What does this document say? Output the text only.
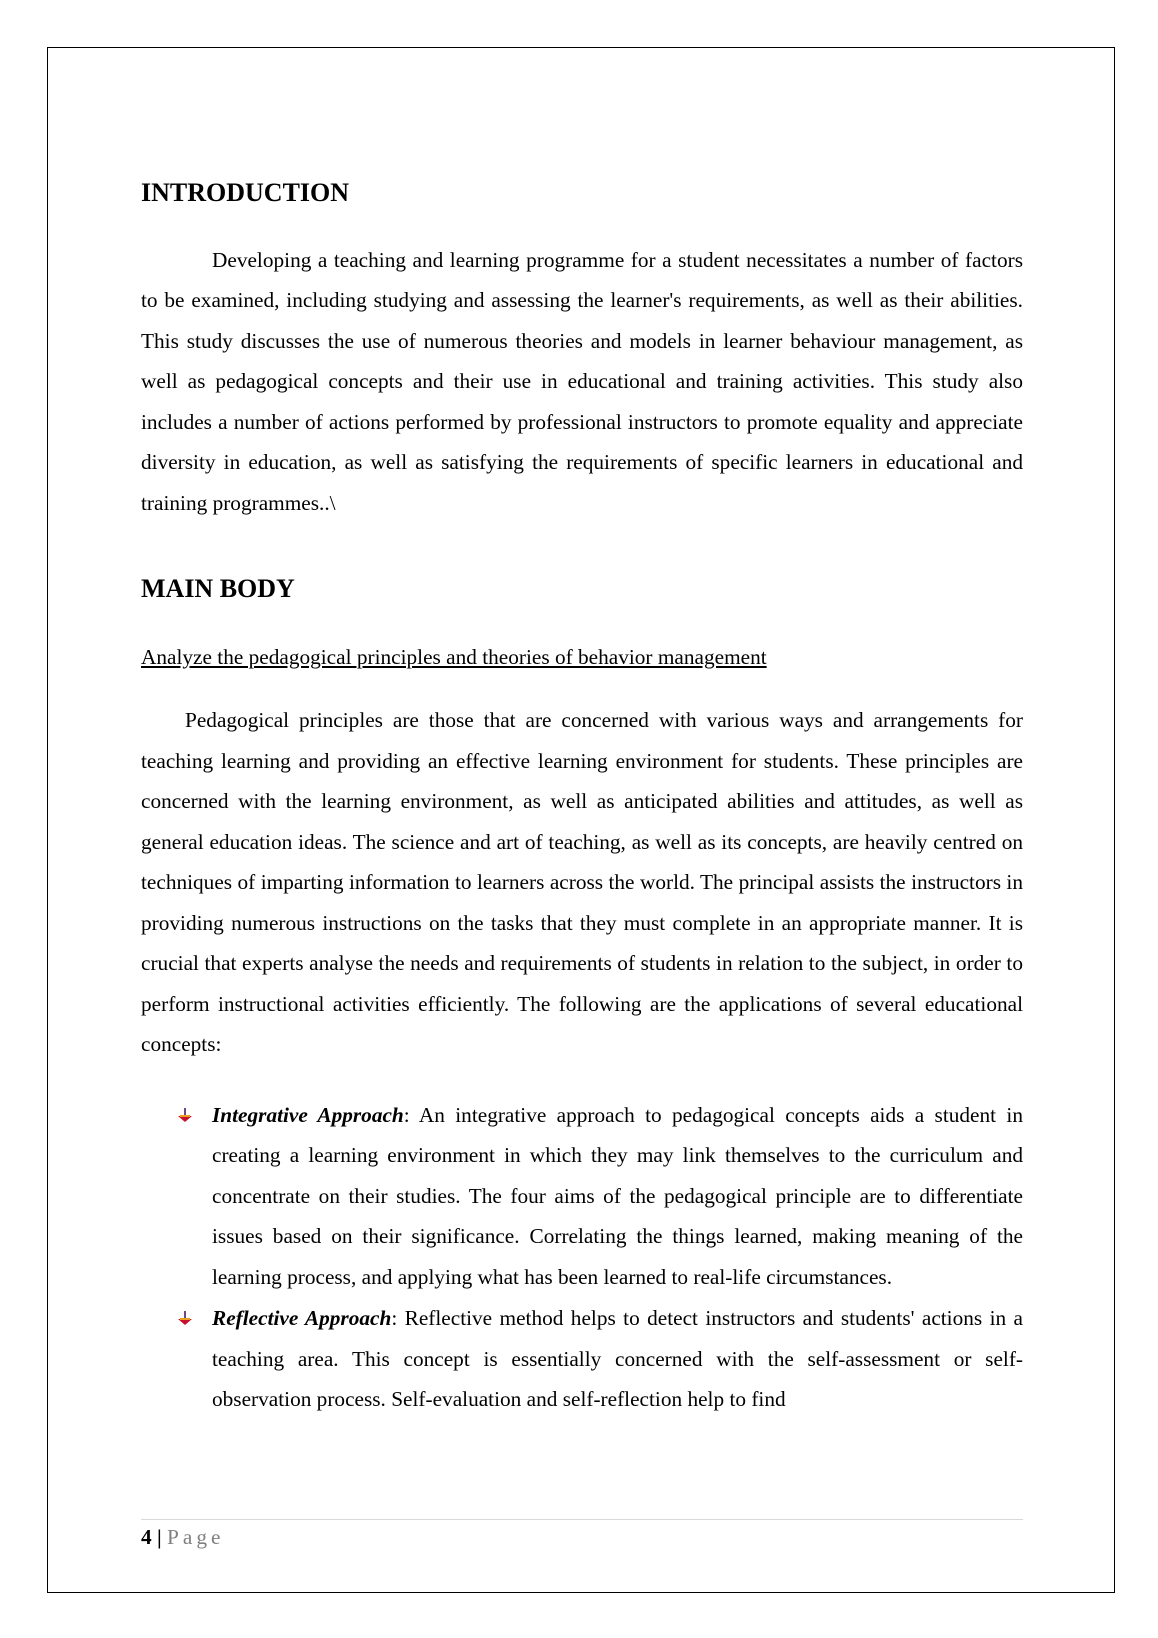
INTRODUCTION

Developing a teaching and learning programme for a student necessitates a number of factors to be examined, including studying and assessing the learner's requirements, as well as their abilities. This study discusses the use of numerous theories and models in learner behaviour management, as well as pedagogical concepts and their use in educational and training activities. This study also includes a number of actions performed by professional instructors to promote equality and appreciate diversity in education, as well as satisfying the requirements of specific learners in educational and training programmes..\

MAIN BODY
Analyze the pedagogical principles and theories of behavior management

Pedagogical principles are those that are concerned with various ways and arrangements for teaching learning and providing an effective learning environment for students. These principles are concerned with the learning environment, as well as anticipated abilities and attitudes, as well as general education ideas. The science and art of teaching, as well as its concepts, are heavily centred on techniques of imparting information to learners across the world. The principal assists the instructors in providing numerous instructions on the tasks that they must complete in an appropriate manner. It is crucial that experts analyse the needs and requirements of students in relation to the subject, in order to perform instructional activities efficiently. The following are the applications of several educational concepts:

Integrative Approach: An integrative approach to pedagogical concepts aids a student in creating a learning environment in which they may link themselves to the curriculum and concentrate on their studies. The four aims of the pedagogical principle are to differentiate issues based on their significance. Correlating the things learned, making meaning of the learning process, and applying what has been learned to real-life circumstances.
Reflective Approach: Reflective method helps to detect instructors and students' actions in a teaching area. This concept is essentially concerned with the self-assessment or self-observation process. Self-evaluation and self-reflection help to find
4 | Page
